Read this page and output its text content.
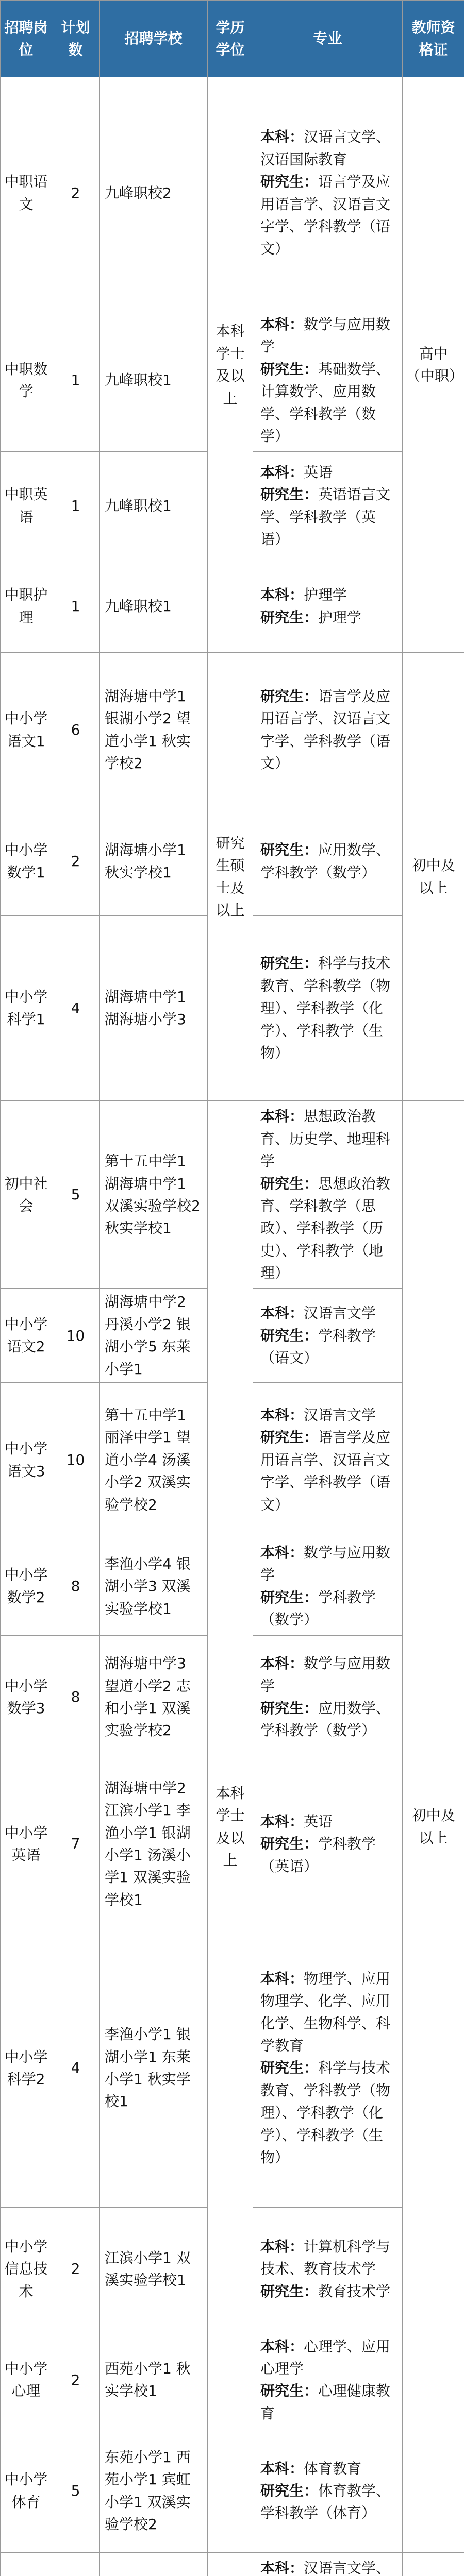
招聘岗位	计划数	招聘学校	学历学位	专业	教师资格证
中职语文	2	九峰职校2	本科学士及以上	本科：汉语言文学、汉语国际教育
研究生：语言学及应用语言学、汉语言文字学、学科教学（语文）	高中（中职）
中职数学	1	九峰职校1		本科：数学与应用数学
研究生：基础数学、计算数学、应用数学、学科教学（数学）	

中职英语	1	九峰职校1		本科：英语
研究生：英语语言文学、学科教学（英语）	

中职护理	1	九峰职校1		本科：护理学
研究生：护理学	

中小学语文1	6	湖海塘中学1 银湖小学2 望道小学1 秋实学校2	研究生硕士及以上	研究生：语言学及应用语言学、汉语言文字学、学科教学（语文）	初中及以上
中小学数学1	2	湖海塘小学1 秋实学校1		研究生：应用数学、学科教学（数学）	

中小学科学1	4	湖海塘中学1 湖海塘小学3		研究生：科学与技术教育、学科教学（物理）、学科教学（化学）、学科教学（生物）	

初中社会	5	第十五中学1 湖海塘中学1 双溪实验学校2 秋实学校1	本科学士及以上	本科：思想政治教育、历史学、地理科学
研究生：思想政治教育、学科教学（思政）、学科教学（历史）、学科教学（地理）	初中及以上
中小学语文2	10	湖海塘中学2 丹溪小学2 银湖小学5 东莱小学1		本科：汉语言文学
研究生：学科教学（语文）	

中小学语文3	10	第十五中学1 丽泽中学1 望道小学4 汤溪小学2 双溪实验学校2		本科：汉语言文学
研究生：语言学及应用语言学、汉语言文字学、学科教学（语文）	

中小学数学2	8	李渔小学4 银湖小学3 双溪实验学校1		本科：数学与应用数学
研究生：学科教学（数学）	

中小学数学3	8	湖海塘中学3 望道小学2 志和小学1 双溪实验学校2		本科：数学与应用数学
研究生：应用数学、学科教学（数学）	

中小学英语	7	湖海塘中学2 江滨小学1 李渔小学1 银湖小学1 汤溪小学1 双溪实验学校1		本科：英语
研究生：学科教学（英语）	

中小学科学2	4	李渔小学1 银湖小学1 东莱小学1 秋实学校1		本科：物理学、应用物理学、化学、应用化学、生物科学、科学教育
研究生：科学与技术教育、学科教学（物理）、学科教学（化学）、学科教学（生物）	

中小学信息技术	2	江滨小学1 双溪实验学校1		本科：计算机科学与技术、教育技术学
研究生：教育技术学	

中小学心理	2	西苑小学1 秋实学校1		本科：心理学、应用心理学
研究生：心理健康教育	

中小学体育	5	东苑小学1 西苑小学1 宾虹小学1 双溪实验学校2		本科：体育教育
研究生：体育教学、学科教学（体育）	

本科：汉语言文学、
